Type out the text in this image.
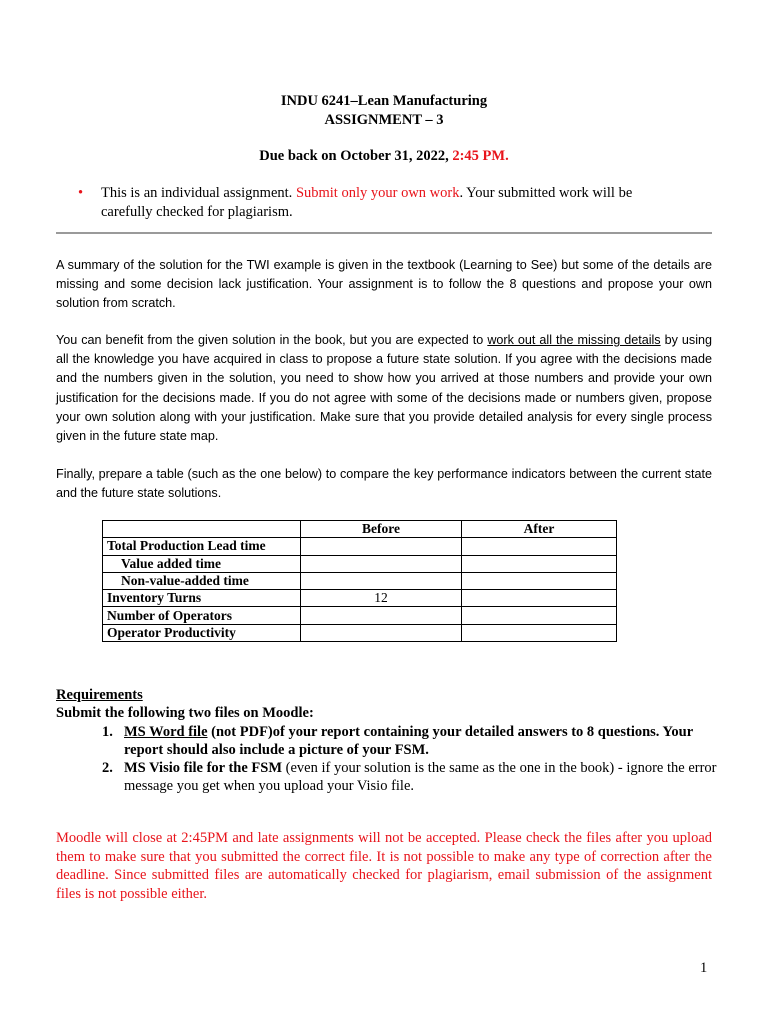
INDU 6241–Lean Manufacturing
ASSIGNMENT – 3
Due back on October 31, 2022, 2:45 PM.
• This is an individual assignment. Submit only your own work. Your submitted work will be carefully checked for plagiarism.
A summary of the solution for the TWI example is given in the textbook (Learning to See) but some of the details are missing and some decision lack justification. Your assignment is to follow the 8 questions and propose your own solution from scratch.
You can benefit from the given solution in the book, but you are expected to work out all the missing details by using all the knowledge you have acquired in class to propose a future state solution. If you agree with the decisions made and the numbers given in the solution, you need to show how you arrived at those numbers and provide your own justification for the decisions made. If you do not agree with some of the decisions made or numbers given, propose your own solution along with your justification. Make sure that you provide detailed analysis for every single process given in the future state map.
Finally, prepare a table (such as the one below) to compare the key performance indicators between the current state and the future state solutions.
	Before	After
Total Production Lead time		
Value added time		
Non-value-added time		
Inventory Turns	12	
Number of Operators		
Operator Productivity		
Requirements
Submit the following two files on Moodle:
1. MS Word file (not PDF)of your report containing your detailed answers to 8 questions. Your report should also include a picture of your FSM.
2. MS Visio file for the FSM (even if your solution is the same as the one in the book) - ignore the error message you get when you upload your Visio file.
Moodle will close at 2:45PM and late assignments will not be accepted. Please check the files after you upload them to make sure that you submitted the correct file. It is not possible to make any type of correction after the deadline. Since submitted files are automatically checked for plagiarism, email submission of the assignment files is not possible either.
1
